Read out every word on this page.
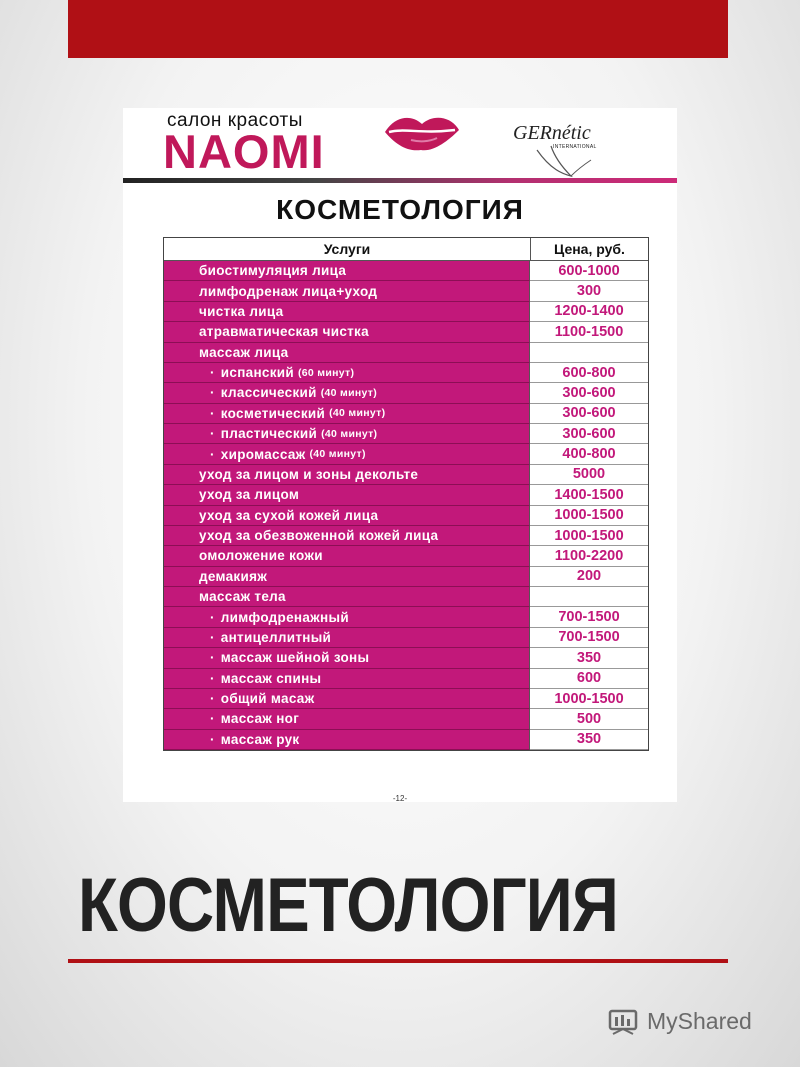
салон красоты
NAOMI	GERnétic
INTERNATIONAL
КОСМЕТОЛОГИЯ
Услуги	Цена, руб.
биостимуляция лица	600-1000
лимфодренаж лица+уход	300
чистка лица	1200-1400
атравматическая чистка	1100-1500
массаж лица
· испанский (60 минут)	600-800
· классический (40 минут)	300-600
· косметический (40 минут)	300-600
· пластический (40 минут)	300-600
· хиромассаж (40 минут)	400-800
уход за лицом и зоны декольте	5000
уход за лицом	1400-1500
уход за сухой кожей лица	1000-1500
уход за обезвоженной кожей лица	1000-1500
омоложение кожи	1100-2200
демакияж	200
массаж тела
· лимфодренажный	700-1500
· антицеллитный	700-1500
· массаж шейной зоны	350
· массаж спины	600
· общий масаж	1000-1500
· массаж ног	500
· массаж рук	350
-12-
КОСМЕТОЛОГИЯ
MyShared
